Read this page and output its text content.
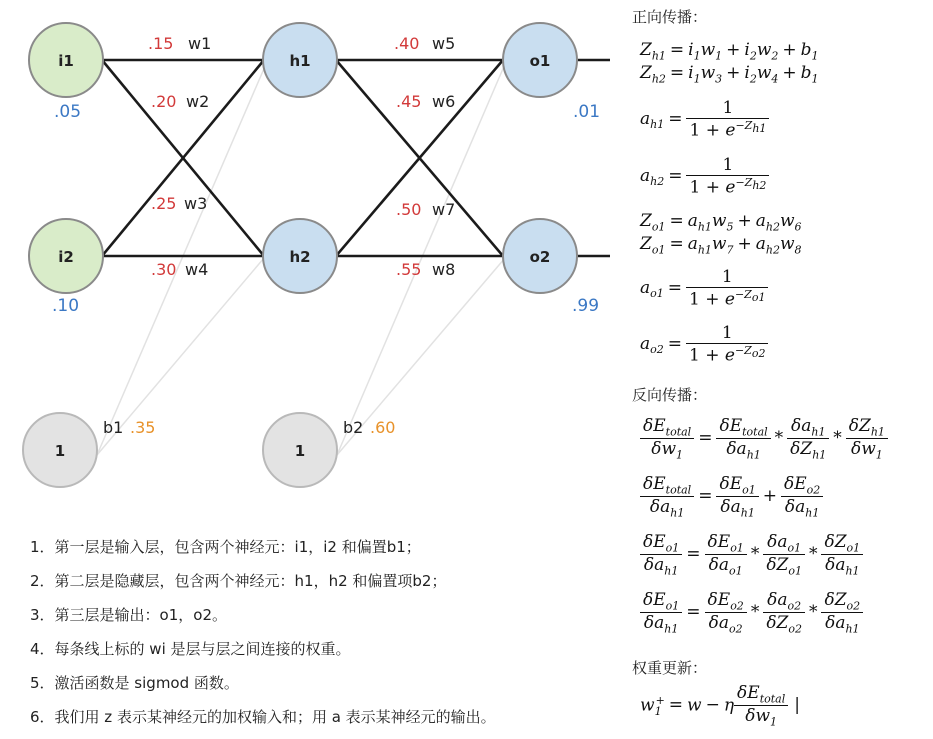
i1
i2
h1
h2
o1
o2
1	1
.05
.10
.01
.99
b1 .35	b2 .60
.15 w1
.20 w2
.25 w3
.30 w4
.40 w5
.45 w6
.50 w7
.55 w8
1．第一层是输入层，包含两个神经元：i1，i2 和偏置b1；
2．第二层是隐藏层，包含两个神经元：h1，h2 和偏置项b2；
3．第三层是输出：o1，o2。
4．每条线上标的 wi 是层与层之间连接的权重。
5．激活函数是 sigmod 函数。
6．我们用 z 表示某神经元的加权输入和；用 a 表示某神经元的输出。
正向传播：
$Z_{h1} = i_1w_1 + i_2w_2 + b_1$
$Z_{h2} = i_1w_3 + i_2w_4 + b_1$
$a_{h1} = \frac{1}{1 + e^{-Z_{h1}}}$
$a_{h2} = \frac{1}{1 + e^{-Z_{h2}}}$
$Z_{o1} = a_{h1}w_5 + a_{h2}w_6$
$Z_{o1} = a_{h1}w_7 + a_{h2}w_8$
$a_{o1} = \frac{1}{1 + e^{-Z_{o1}}}$
$a_{o2} = \frac{1}{1 + e^{-Z_{o2}}}$
反向传播：
$\frac{\delta E_{total}}{\delta w_1} = \frac{\delta E_{total}}{\delta a_{h1}} * \frac{\delta a_{h1}}{\delta Z_{h1}} * \frac{\delta Z_{h1}}{\delta w_1}$
$\frac{\delta E_{total}}{\delta a_{h1}} = \frac{\delta E_{o1}}{\delta a_{h1}} + \frac{\delta E_{o2}}{\delta a_{h1}}$
$\frac{\delta E_{o1}}{\delta a_{h1}} = \frac{\delta E_{o1}}{\delta a_{o1}} * \frac{\delta a_{o1}}{\delta Z_{o1}} * \frac{\delta Z_{o1}}{\delta a_{h1}}$
$\frac{\delta E_{o1}}{\delta a_{h1}} = \frac{\delta E_{o2}}{\delta a_{o2}} * \frac{\delta a_{o2}}{\delta Z_{o2}} * \frac{\delta Z_{o2}}{\delta a_{h1}}$
权重更新：
$w_1^+ = w - \eta \frac{\delta E_{total}}{\delta w_1}$ |
